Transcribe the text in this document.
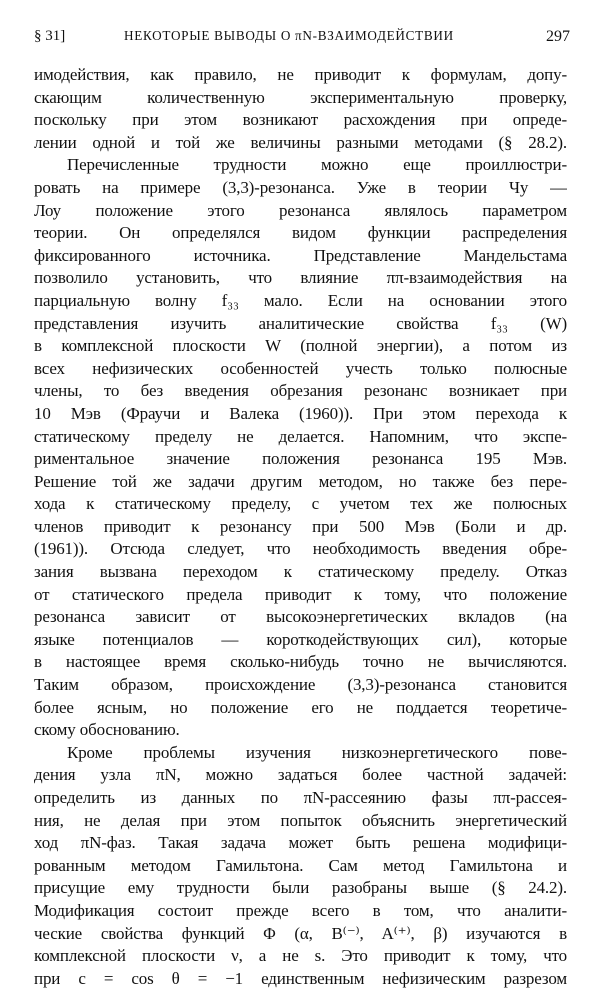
§ 31]	НЕКОТОРЫЕ ВЫВОДЫ О πN-ВЗАИМОДЕЙСТВИИ	297
имодействия, как правило, не приводит к формулам, допу-
скающим количественную экспериментальную проверку,
поскольку при этом возникают расхождения при опреде-
лении одной и той же величины разными методами (§ 28.2).
Перечисленные трудности можно еще проиллюстри-
ровать на примере (3,3)-резонанса. Уже в теории Чу —
Лоу положение этого резонанса являлось параметром
теории. Он определялся видом функции распределения
фиксированного источника. Представление Мандельстама
позволило установить, что влияние ππ-взаимодействия на
парциальную волну f₃₃ мало. Если на основании этого
представления изучить аналитические свойства f₃₃ (W)
в комплексной плоскости W (полной энергии), а потом из
всех нефизических особенностей учесть только полюсные
члены, то без введения обрезания резонанс возникает при
10 Мэв (Фраучи и Валека (1960)). При этом перехода к
статическому пределу не делается. Напомним, что экспе-
риментальное значение положения резонанса 195 Мэв.
Решение той же задачи другим методом, но также без пере-
хода к статическому пределу, с учетом тех же полюсных
членов приводит к резонансу при 500 Мэв (Боли и др.
(1961)). Отсюда следует, что необходимость введения обре-
зания вызвана переходом к статическому пределу. Отказ
от статического предела приводит к тому, что положение
резонанса зависит от высокоэнергетических вкладов (на
языке потенциалов — короткодействующих сил), которые
в настоящее время сколько-нибудь точно не вычисляются.
Таким образом, происхождение (3,3)-резонанса становится
более ясным, но положение его не поддается теоретиче-
скому обоснованию.
Кроме проблемы изучения низкоэнергетического пове-
дения узла πN, можно задаться более частной задачей:
определить из данных по πN-рассеянию фазы ππ-рассея-
ния, не делая при этом попыток объяснить энергетический
ход πN-фаз. Такая задача может быть решена модифици-
рованным методом Гамильтона. Сам метод Гамильтона и
присущие ему трудности были разобраны выше (§ 24.2).
Модификация состоит прежде всего в том, что аналити-
ческие свойства функций Φ (α, B⁽⁻⁾, A⁽⁺⁾, β) изучаются в
комплексной плоскости ν, а не s. Это приводит к тому, что
при c = cos θ = −1 единственным нефизическим разрезом
